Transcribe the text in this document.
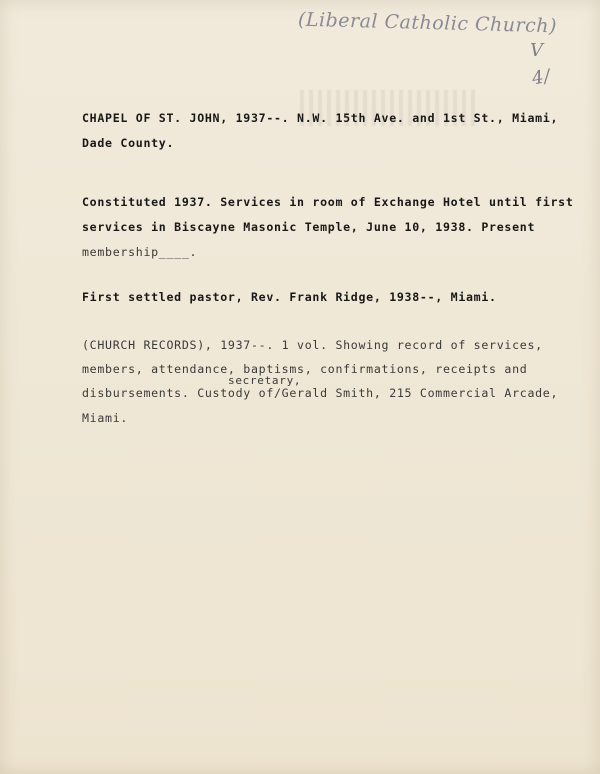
(Liberal Catholic Church)
V
4/
CHAPEL OF ST. JOHN, 1937--. N.W. 15th Ave. and 1st St., Miami,
Dade County.
Constituted 1937. Services in room of Exchange Hotel until first
services in Biscayne Masonic Temple, June 10, 1938. Present
membership____.
First settled pastor, Rev. Frank Ridge, 1938--, Miami.
(CHURCH RECORDS), 1937--. 1 vol. Showing record of services,
members, attendance, baptisms, confirmations, receipts and
secretary,
disbursements. Custody of/Gerald Smith, 215 Commercial Arcade,
Miami.
